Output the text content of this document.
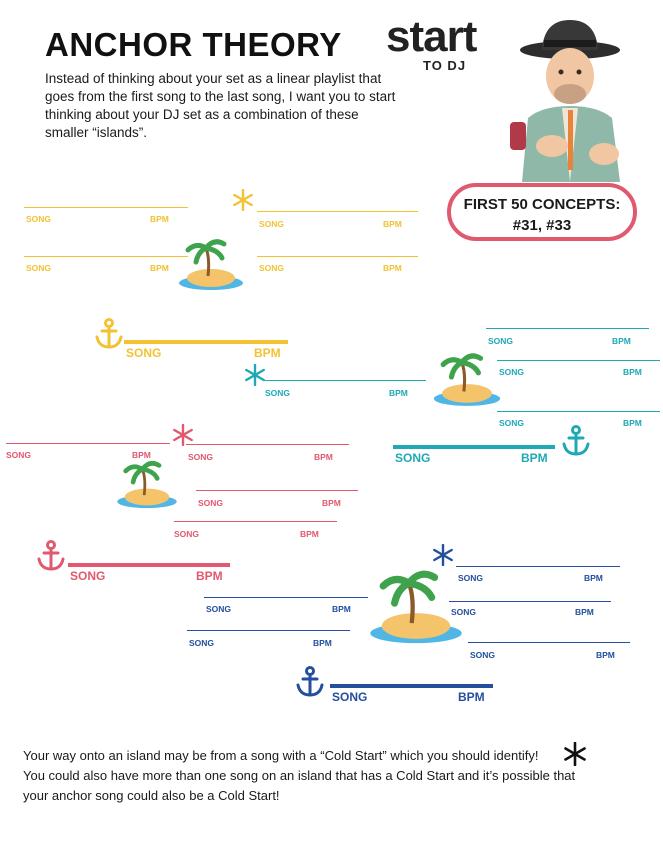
ANCHOR THEORY
Instead of thinking about your set as a linear playlist that goes from the first song to the last song, I want you to start thinking about your DJ set as a combination of these smaller “islands”.
start
TO DJ
FIRST 50 CONCEPTS:
#31, #33
SONG	BPM
SONG	BPM
SONG	BPM
SONG	BPM
SONG	BPM
SONG	BPM
SONG	BPM
SONG	BPM
SONG	BPM
SONG	BPM
SONG	BPM	SONG	BPM
SONG	BPM
SONG	BPM
SONG	BPM	SONG	BPM
SONG	BPM	SONG	BPM
SONG	BPM
SONG	BPM
SONG	BPM
Your way onto an island may be from a song with a “Cold Start” which you should identify!
You could also have more than one song on an island that has a Cold Start and it’s possible that
your anchor song could also be a Cold Start!
